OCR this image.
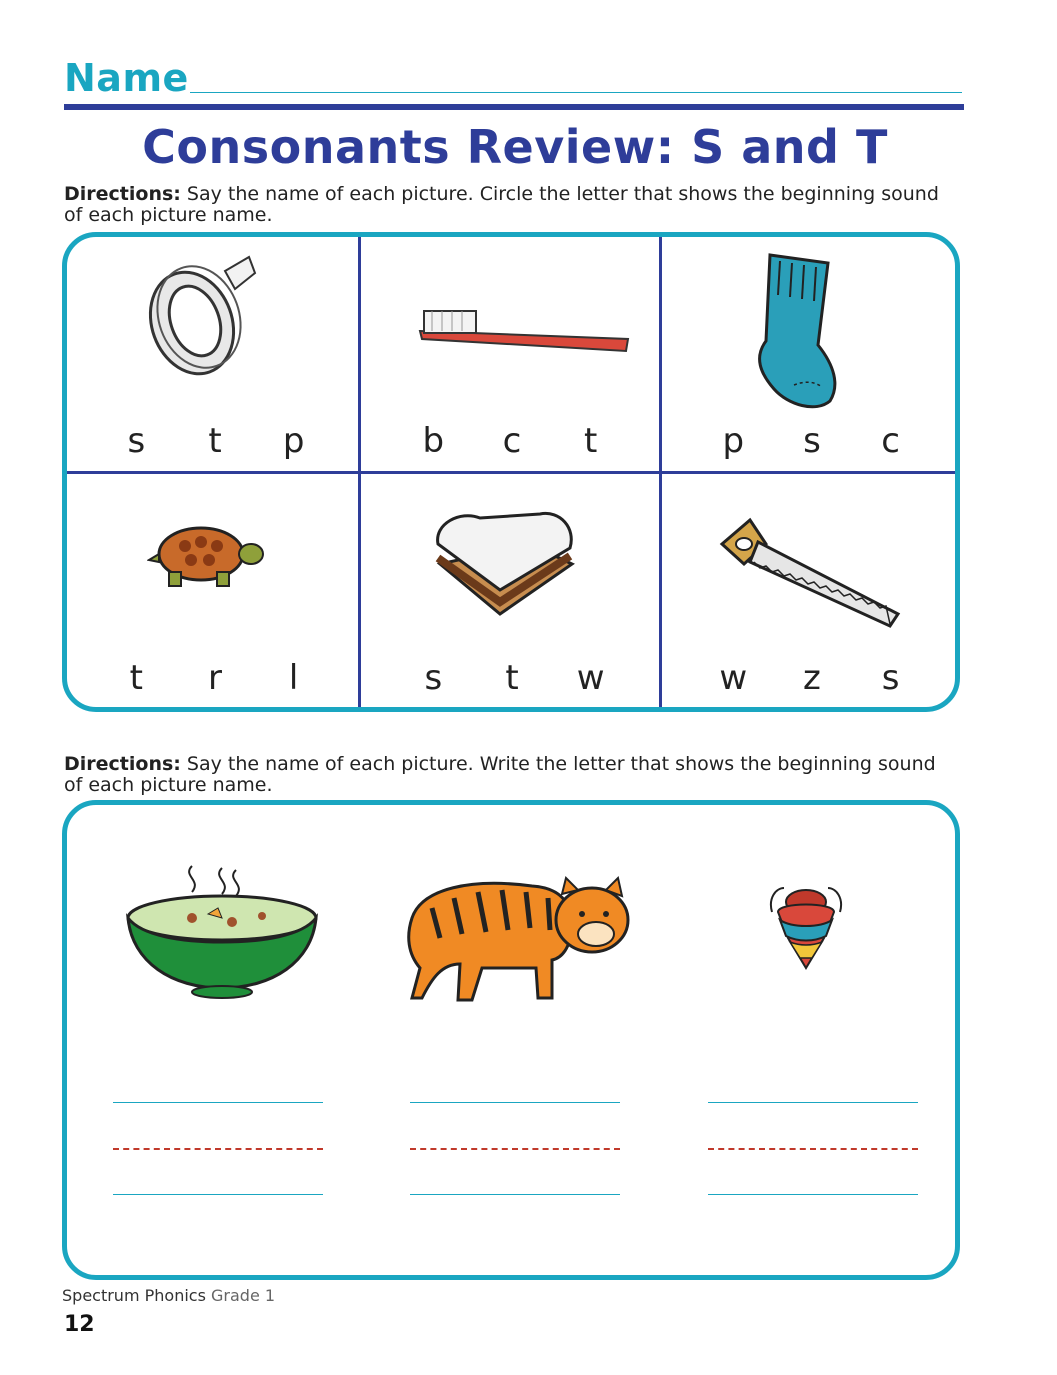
Name
Consonants Review: S and T
Directions: Say the name of each picture. Circle the letter that shows the beginning sound of each picture name.
s	t	p	b	c	t	p	s	c
t	r	l	s	t	w	w	z	s
Directions: Say the name of each picture. Write the letter that shows the beginning sound of each picture name.
Spectrum Phonics Grade 1
12
